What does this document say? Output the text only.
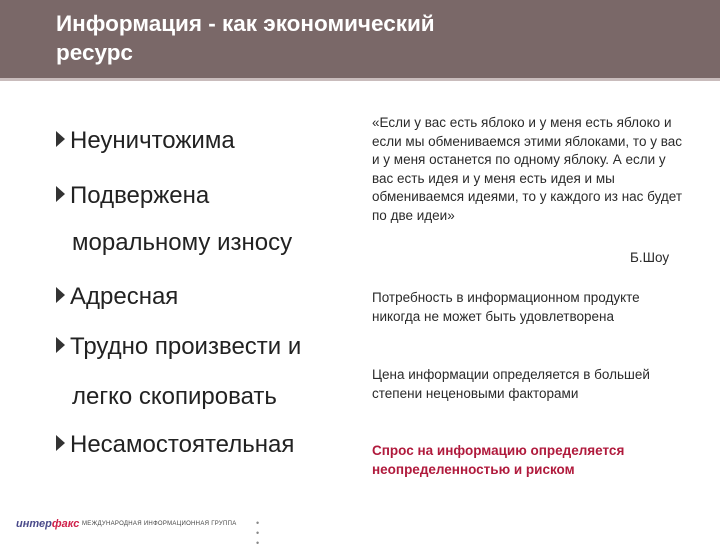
Информация - как экономический
ресурс
Неуничтожима
Подвержена
моральному износу
Адресная
Трудно произвести и
легко скопировать
Несамостоятельная
«Если у вас есть яблоко и у меня есть яблоко и если мы обмениваемся этими яблоками, то у вас и у меня останется по одному яблоку. А если у вас есть идея и у меня есть идея и мы обмениваемся идеями, то у каждого из нас будет по две идеи»
Б.Шоу
Потребность в информационном продукте никогда не может быть удовлетворена
Цена информации определяется в большей степени неценовыми факторами
Спрос на информацию определяется неопределенностью и риском
интерфакс МЕЖДУНАРОДНАЯ ИНФОРМАЦИОННАЯ ГРУППА • • •
